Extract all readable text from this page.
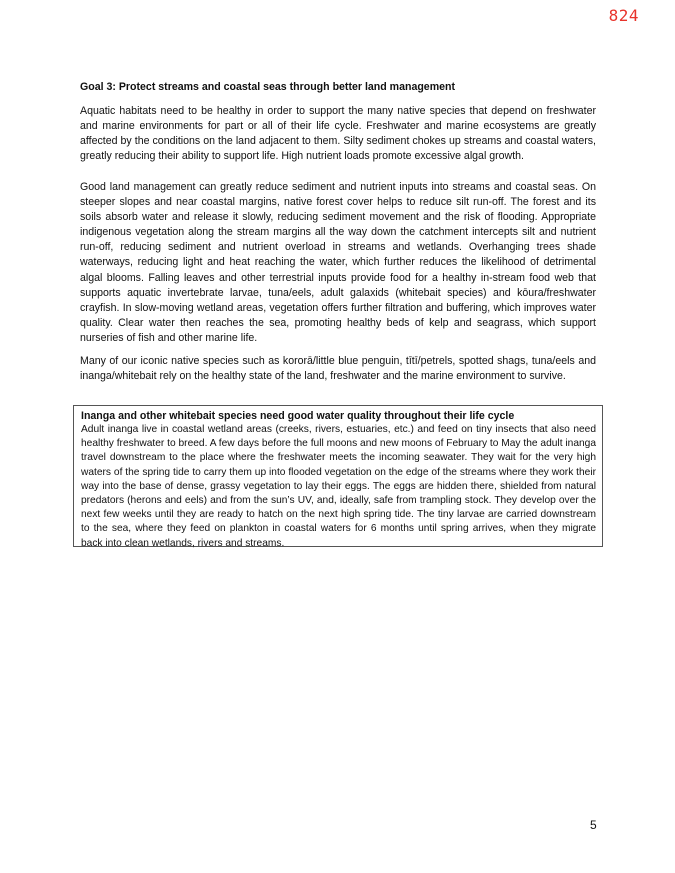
824
Goal 3: Protect streams and coastal seas through better land management

Aquatic habitats need to be healthy in order to support the many native species that depend on freshwater and marine environments for part or all of their life cycle. Freshwater and marine ecosystems are greatly affected by the conditions on the land adjacent to them. Silty sediment chokes up streams and coastal waters, greatly reducing their ability to support life. High nutrient loads promote excessive algal growth.

Good land management can greatly reduce sediment and nutrient inputs into streams and coastal seas. On steeper slopes and near coastal margins, native forest cover helps to reduce silt run-off. The forest and its soils absorb water and release it slowly, reducing sediment movement and the risk of flooding. Appropriate indigenous vegetation along the stream margins all the way down the catchment intercepts silt and nutrient run-off, reducing sediment and nutrient overload in streams and wetlands. Overhanging trees shade waterways, reducing light and heat reaching the water, which further reduces the likelihood of detrimental algal blooms. Falling leaves and other terrestrial inputs provide food for a healthy in-stream food web that supports aquatic invertebrate larvae, tuna/eels, adult galaxids (whitebait species) and kōura/freshwater crayfish. In slow-moving wetland areas, vegetation offers further filtration and buffering, which improves water quality. Clear water then reaches the sea, promoting healthy beds of kelp and seagrass, which support nurseries of fish and other marine life.

Many of our iconic native species such as kororā/little blue penguin, tītī/petrels, spotted shags, tuna/eels and inanga/whitebait rely on the healthy state of the land, freshwater and the marine environment to survive.

Inanga and other whitebait species need good water quality throughout their life cycle

Adult inanga live in coastal wetland areas (creeks, rivers, estuaries, etc.) and feed on tiny insects that also need healthy freshwater to breed. A few days before the full moons and new moons of February to May the adult inanga travel downstream to the place where the freshwater meets the incoming seawater. They wait for the very high waters of the spring tide to carry them up into flooded vegetation on the edge of the streams where they work their way into the base of dense, grassy vegetation to lay their eggs. The eggs are hidden there, shielded from natural predators (herons and eels) and from the sun’s UV, and, ideally, safe from trampling stock. They develop over the next few weeks until they are ready to hatch on the next high spring tide. The tiny larvae are carried downstream to the sea, where they feed on plankton in coastal waters for 6 months until spring arrives, when they migrate back into clean wetlands, rivers and streams.

5
